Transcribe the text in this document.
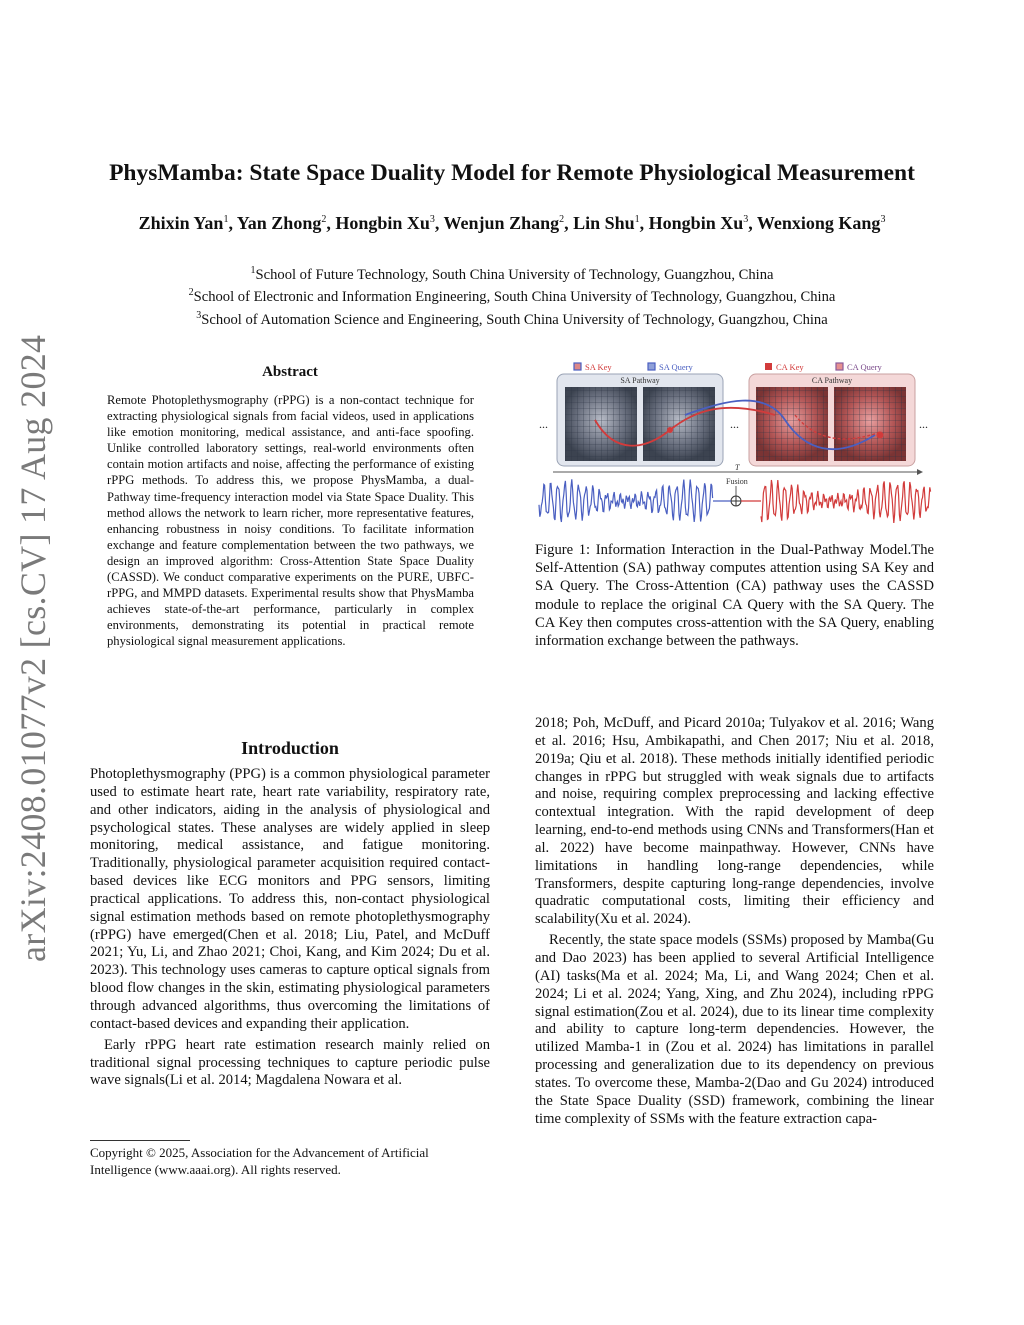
arXiv:2408.01077v2 [cs.CV] 17 Aug 2024
PhysMamba: State Space Duality Model for Remote Physiological Measurement
Zhixin Yan$^1$, Yan Zhong$^2$, Hongbin Xu$^3$, Wenjun Zhang$^2$, Lin Shu$^1$, Hongbin Xu$^3$, Wenxiong Kang$^3$
$^1$School of Future Technology, South China University of Technology, Guangzhou, China
$^2$School of Electronic and Information Engineering, South China University of Technology, Guangzhou, China
$^3$School of Automation Science and Engineering, South China University of Technology, Guangzhou, China
Abstract
Remote Photoplethysmography (rPPG) is a non-contact technique for extracting physiological signals from facial videos, used in applications like emotion monitoring, medical assistance, and anti-face spoofing. Unlike controlled laboratory settings, real-world environments often contain motion artifacts and noise, affecting the performance of existing rPPG methods. To address this, we propose PhysMamba, a dual-Pathway time-frequency interaction model via State Space Duality. This method allows the network to learn richer, more representative features, enhancing robustness in noisy conditions. To facilitate information exchange and feature complementation between the two pathways, we design an improved algorithm: Cross-Attention State Space Duality (CASSD). We conduct comparative experiments on the PURE, UBFC-rPPG, and MMPD datasets. Experimental results show that PhysMamba achieves state-of-the-art performance, particularly in complex environments, demonstrating its potential in practical remote physiological signal measurement applications.
Introduction

Photoplethysmography (PPG) is a common physiological parameter used to estimate heart rate, heart rate variability, respiratory rate, and other indicators, aiding in the analysis of physiological and psychological states. These analyses are widely applied in sleep monitoring, medical assistance, and fatigue monitoring. Traditionally, physiological parameter acquisition required contact-based devices like ECG monitors and PPG sensors, limiting practical applications. To address this, non-contact physiological signal estimation methods based on remote photoplethysmography (rPPG) have emerged(Chen et al. 2018; Liu, Patel, and McDuff 2021; Yu, Li, and Zhao 2021; Choi, Kang, and Kim 2024; Du et al. 2023). This technology uses cameras to capture optical signals from blood flow changes in the skin, estimating physiological parameters through advanced algorithms, thus overcoming the limitations of contact-based devices and expanding their application.

Early rPPG heart rate estimation research mainly relied on traditional signal processing techniques to capture periodic pulse wave signals(Li et al. 2014; Magdalena Nowara et al.

Copyright © 2025, Association for the Advancement of Artificial Intelligence (www.aaai.org). All rights reserved.
SA Key	SA Query	CA Key	CA Query
SA Pathway	CA Pathway
...	...	...
T
Fusion
Figure 1: Information Interaction in the Dual-Pathway Model.The Self-Attention (SA) pathway computes attention using SA Key and SA Query. The Cross-Attention (CA) pathway uses the CASSD module to replace the original CA Query with the SA Query. The CA Key then computes cross-attention with the SA Query, enabling information exchange between the pathways.

2018; Poh, McDuff, and Picard 2010a; Tulyakov et al. 2016; Wang et al. 2016; Hsu, Ambikapathi, and Chen 2017; Niu et al. 2018, 2019a; Qiu et al. 2018). These methods initially identified periodic changes in rPPG but struggled with weak signals due to artifacts and noise, requiring complex preprocessing and lacking effective contextual integration. With the rapid development of deep learning, end-to-end methods using CNNs and Transformers(Han et al. 2022) have become mainpathway. However, CNNs have limitations in handling long-range dependencies, while Transformers, despite capturing long-range dependencies, involve quadratic computational costs, limiting their efficiency and scalability(Xu et al. 2024).

Recently, the state space models (SSMs) proposed by Mamba(Gu and Dao 2023) has been applied to several Artificial Intelligence (AI) tasks(Ma et al. 2024; Ma, Li, and Wang 2024; Chen et al. 2024; Li et al. 2024; Yang, Xing, and Zhu 2024), including rPPG signal estimation(Zou et al. 2024), due to its linear time complexity and ability to capture long-term dependencies. However, the utilized Mamba-1 in (Zou et al. 2024) has limitations in parallel processing and generalization due to its dependency on previous states. To overcome these, Mamba-2(Dao and Gu 2024) introduced the State Space Duality (SSD) framework, combining the linear time complexity of SSMs with the feature extraction capa-
